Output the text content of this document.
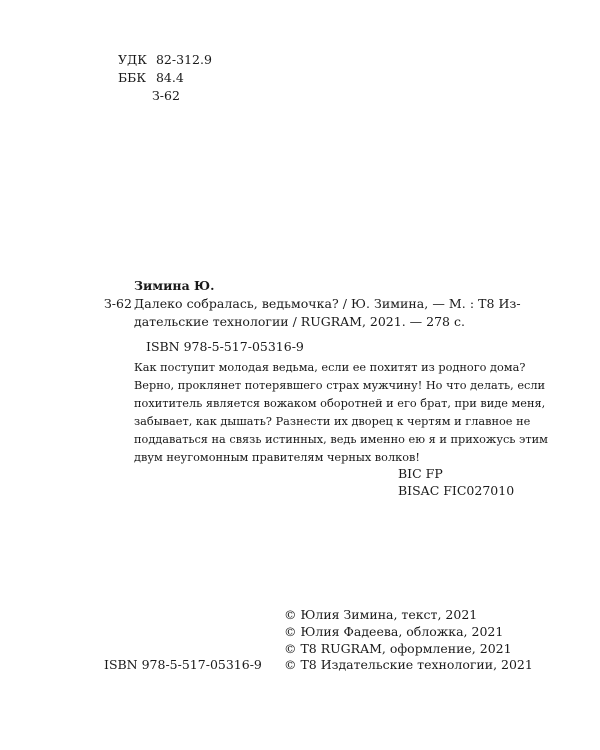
УДК 82-312.9
ББК 84.4
З-62
Зимина Ю.
З-62 Далеко собралась, ведьмочка? / Ю. Зимина, — М. : Т8 Из-
дательские технологии / RUGRAM, 2021. — 278 с.
ISBN 978-5-517-05316-9
Как поступит молодая ведьма, если ее похитят из родного дома?
Верно, проклянет потерявшего страх мужчину! Но что делать, если
похититель является вожаком оборотней и его брат, при виде меня,
забывает, как дышать? Разнести их дворец к чертям и главное не
поддаваться на связь истинных, ведь именно ею я и прихожусь этим
двум неугомонным правителям черных волков!
BIC FP
BISAC FIC027010
© Юлия Зимина, текст, 2021
© Юлия Фадеева, обложка, 2021
© Т8 RUGRAM, оформление, 2021
© Т8 Издательские технологии, 2021
ISBN 978-5-517-05316-9
